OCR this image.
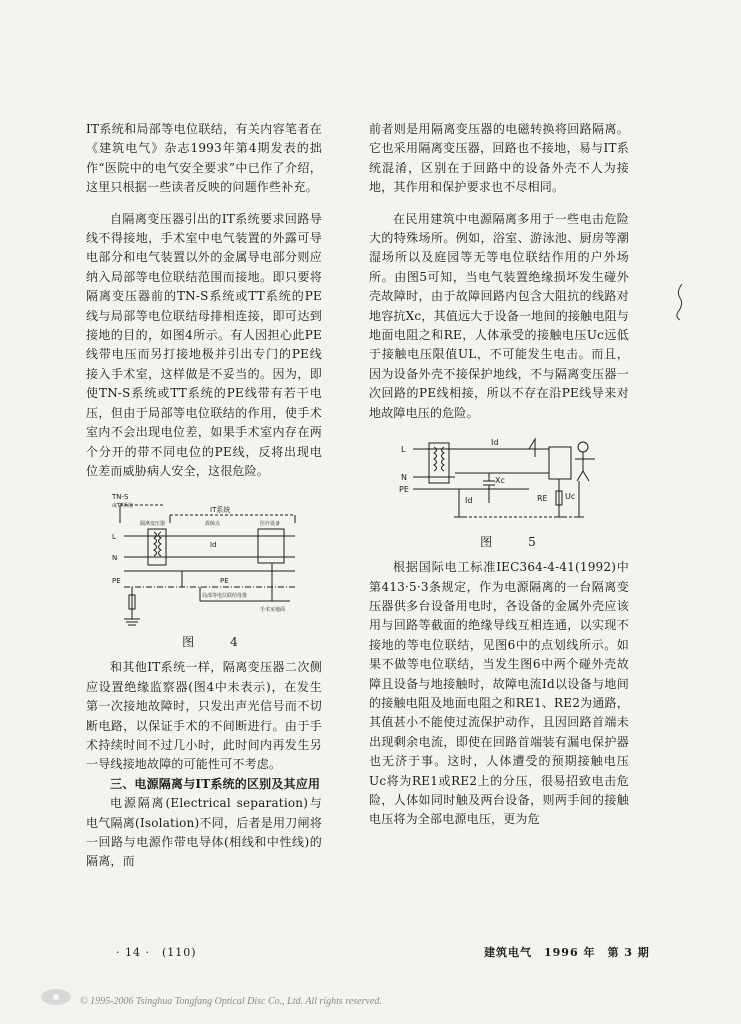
IT系统和局部等电位联结，有关内容笔者在《建筑电气》杂志1993年第4期发表的拙作“医院中的电气安全要求”中已作了介绍，这里只根据一些读者反映的问题作些补充。

自隔离变压器引出的IT系统要求回路导线不得接地，手术室中电气装置的外露可导电部分和电气装置以外的金属导电部分则应纳入局部等电位联结范围而接地。即只要将隔离变压器前的TN-S系统或TT系统的PE线与局部等电位联结母排相连接，即可达到接地的目的，如图4所示。有人因担心此PE线带电压而另打接地极并引出专门的PE线接入手术室，这样做是不妥当的。因为，即使TN-S系统或TT系统的PE线带有若干电压，但由于局部等电位联结的作用，使手术室内不会出现电位差，如果手术室内存在两个分开的带不同电位的PE线，反将出现电位差而威胁病人安全，这很危险。

TN-S
或TT系统	IT系统
隔离变压器	医疗设备
故障点
Id
L
N
PE	PE
局部等电位联结母排
手术室地面
图　4

和其他IT系统一样，隔离变压器二次侧应设置绝缘监察器(图4中未表示)，在发生第一次接地故障时，只发出声光信号而不切断电路，以保证手术的不间断进行。由于手术持续时间不过几小时，此时间内再发生另一导线接地故障的可能性可不考虑。

三、电源隔离与IT系统的区别及其应用

电源隔离(Electrical separation)与电气隔离(Isolation)不同，后者是用刀闸将一回路与电源作带电导体(相线和中性线)的隔离，而

前者则是用隔离变压器的电磁转换将回路隔离。它也采用隔离变压器，回路也不接地，易与IT系统混淆，区别在于回路中的设备外壳不人为接地，其作用和保护要求也不尽相同。

在民用建筑中电源隔离多用于一些电击危险大的特殊场所。例如，浴室、游泳池、厨房等潮湿场所以及庭园等无等电位联结作用的户外场所。由图5可知，当电气装置绝缘损坏发生碰外壳故障时，由于故障回路内包含大阻抗的线路对地容抗Xc，其值远大于设备一地间的接触电阻与地面电阻之和RE，人体承受的接触电压Uc远低于接触电压限值UL，不可能发生电击。而且，因为设备外壳不接保护地线，不与隔离变压器一次回路的PE线相接，所以不存在沿PE线导来对地故障电压的危险。

L
N
PE
Id
Xc
Id	RE Uc
图　5

根据国际电工标准IEC364-4-41(1992)中第413·5·3条规定，作为电源隔离的一台隔离变压器供多台设备用电时，各设备的金属外壳应该用与回路等截面的绝缘导线互相连通，以实现不接地的等电位联结，见图6中的点划线所示。如果不做等电位联结，当发生图6中两个碰外壳故障且设备与地接触时，故障电流Id以设备与地间的接触电阻及地面电阻之和RE1、RE2为通路，其值甚小不能使过流保护动作，且因回路首端未出现剩余电流，即使在回路首端装有漏电保护器也无济于事。这时，人体遭受的预期接触电压Uc将为RE1或RE2上的分压，很易招致电击危险，人体如同时触及两台设备，则两手间的接触电压将为全部电源电压，更为危

· 14 ·　(110)	建筑电气　1996 年　第 3 期
© 1995-2006 Tsinghua Tongfang Optical Disc Co., Ltd. All rights reserved.
